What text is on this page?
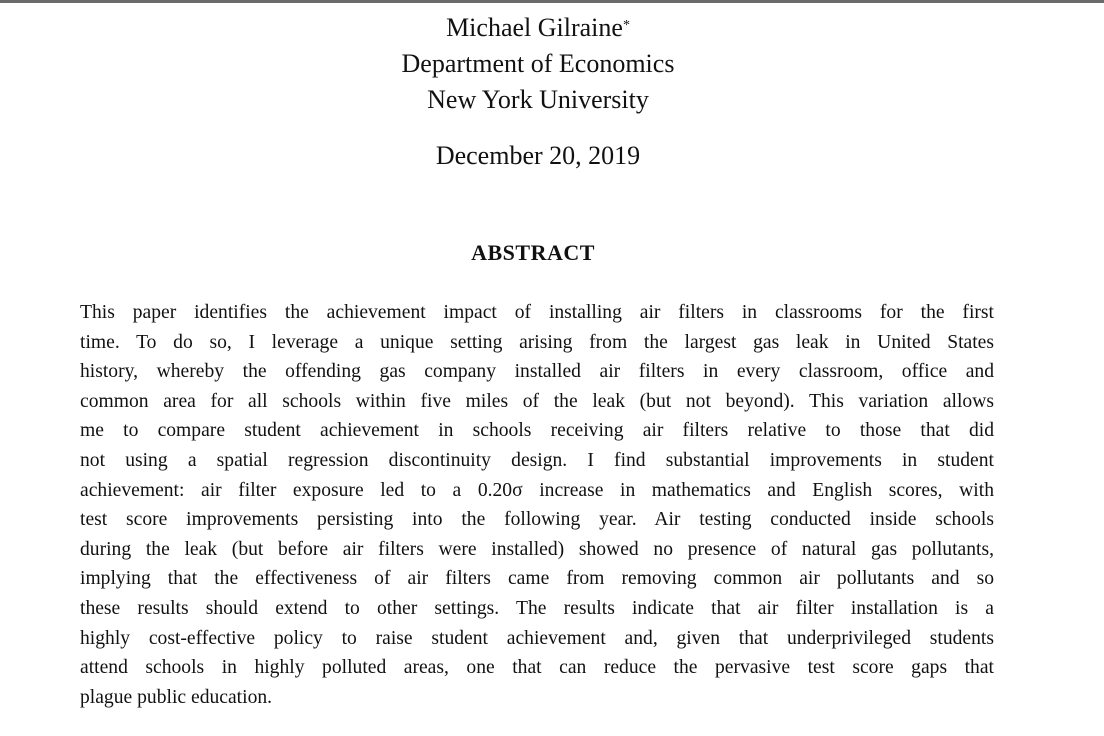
Michael Gilraine*

Department of Economics

New York University

December 20, 2019

ABSTRACT
This paper identifies the achievement impact of installing air filters in classrooms for the first
time. To do so, I leverage a unique setting arising from the largest gas leak in United States
history, whereby the offending gas company installed air filters in every classroom, office and
common area for all schools within five miles of the leak (but not beyond). This variation allows
me to compare student achievement in schools receiving air filters relative to those that did
not using a spatial regression discontinuity design. I find substantial improvements in student
achievement: air filter exposure led to a 0.20σ increase in mathematics and English scores, with
test score improvements persisting into the following year. Air testing conducted inside schools
during the leak (but before air filters were installed) showed no presence of natural gas pollutants,
implying that the effectiveness of air filters came from removing common air pollutants and so
these results should extend to other settings. The results indicate that air filter installation is a
highly cost-effective policy to raise student achievement and, given that underprivileged students
attend schools in highly polluted areas, one that can reduce the pervasive test score gaps that
plague public education.
